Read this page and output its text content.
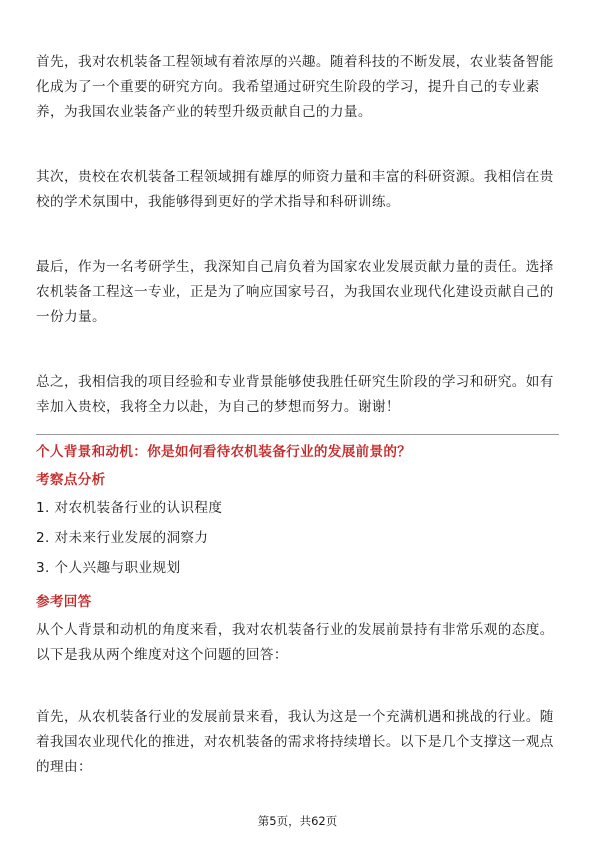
首先，我对农机装备工程领域有着浓厚的兴趣。随着科技的不断发展，农业装备智能化成为了一个重要的研究方向。我希望通过研究生阶段的学习，提升自己的专业素养，为我国农业装备产业的转型升级贡献自己的力量。

其次，贵校在农机装备工程领域拥有雄厚的师资力量和丰富的科研资源。我相信在贵校的学术氛围中，我能够得到更好的学术指导和科研训练。

最后，作为一名考研学生，我深知自己肩负着为国家农业发展贡献力量的责任。选择农机装备工程这一专业，正是为了响应国家号召，为我国农业现代化建设贡献自己的一份力量。

总之，我相信我的项目经验和专业背景能够使我胜任研究生阶段的学习和研究。如有幸加入贵校，我将全力以赴，为自己的梦想而努力。谢谢！

个人背景和动机：你是如何看待农机装备行业的发展前景的？
考察点分析
1. 对农机装备行业的认识程度
2. 对未来行业发展的洞察力
3. 个人兴趣与职业规划
参考回答

从个人背景和动机的角度来看，我对农机装备行业的发展前景持有非常乐观的态度。以下是我从两个维度对这个问题的回答：

首先，从农机装备行业的发展前景来看，我认为这是一个充满机遇和挑战的行业。随着我国农业现代化的推进，对农机装备的需求将持续增长。以下是几个支撑这一观点的理由：

第5页，共62页
